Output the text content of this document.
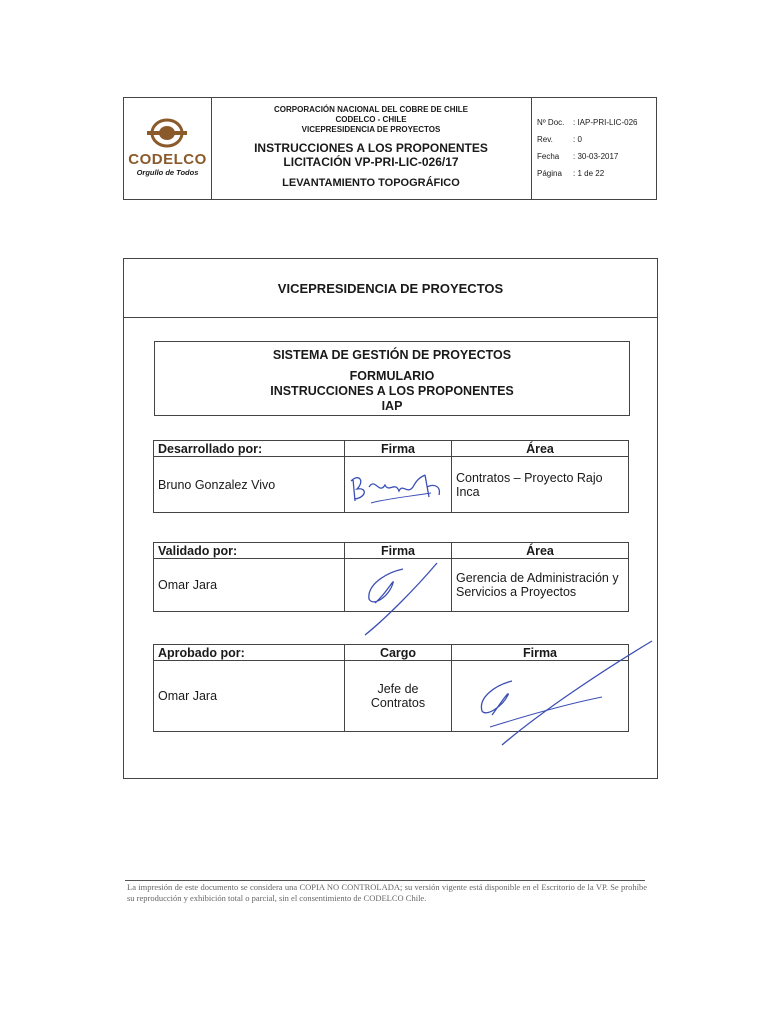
CODELCO
Orgullo de Todos
CORPORACIÓN NACIONAL DEL COBRE DE CHILE
CODELCO - CHILE
VICEPRESIDENCIA DE PROYECTOS
INSTRUCCIONES A LOS PROPONENTES
LICITACIÓN VP-PRI-LIC-026/17
LEVANTAMIENTO TOPOGRÁFICO
Nº Doc.	: IAP-PRI-LIC-026
Rev.	: 0
Fecha	: 30-03-2017
Página	: 1 de 22
VICEPRESIDENCIA DE PROYECTOS
SISTEMA DE GESTIÓN DE PROYECTOS
FORMULARIO
INSTRUCCIONES A LOS PROPONENTES
IAP
Desarrollado por:	Firma	Área
Bruno Gonzalez Vivo		Contratos – Proyecto Rajo Inca
Validado por:	Firma	Área
Omar Jara		Gerencia de Administración y Servicios a Proyectos
Aprobado por:	Cargo	Firma
Omar Jara	Jefe de Contratos	
La impresión de este documento se considera una COPIA NO CONTROLADA; su versión vigente está disponible en el Escritorio de la VP. Se prohíbe su reproducción y exhibición total o parcial, sin el consentimiento de CODELCO Chile.
